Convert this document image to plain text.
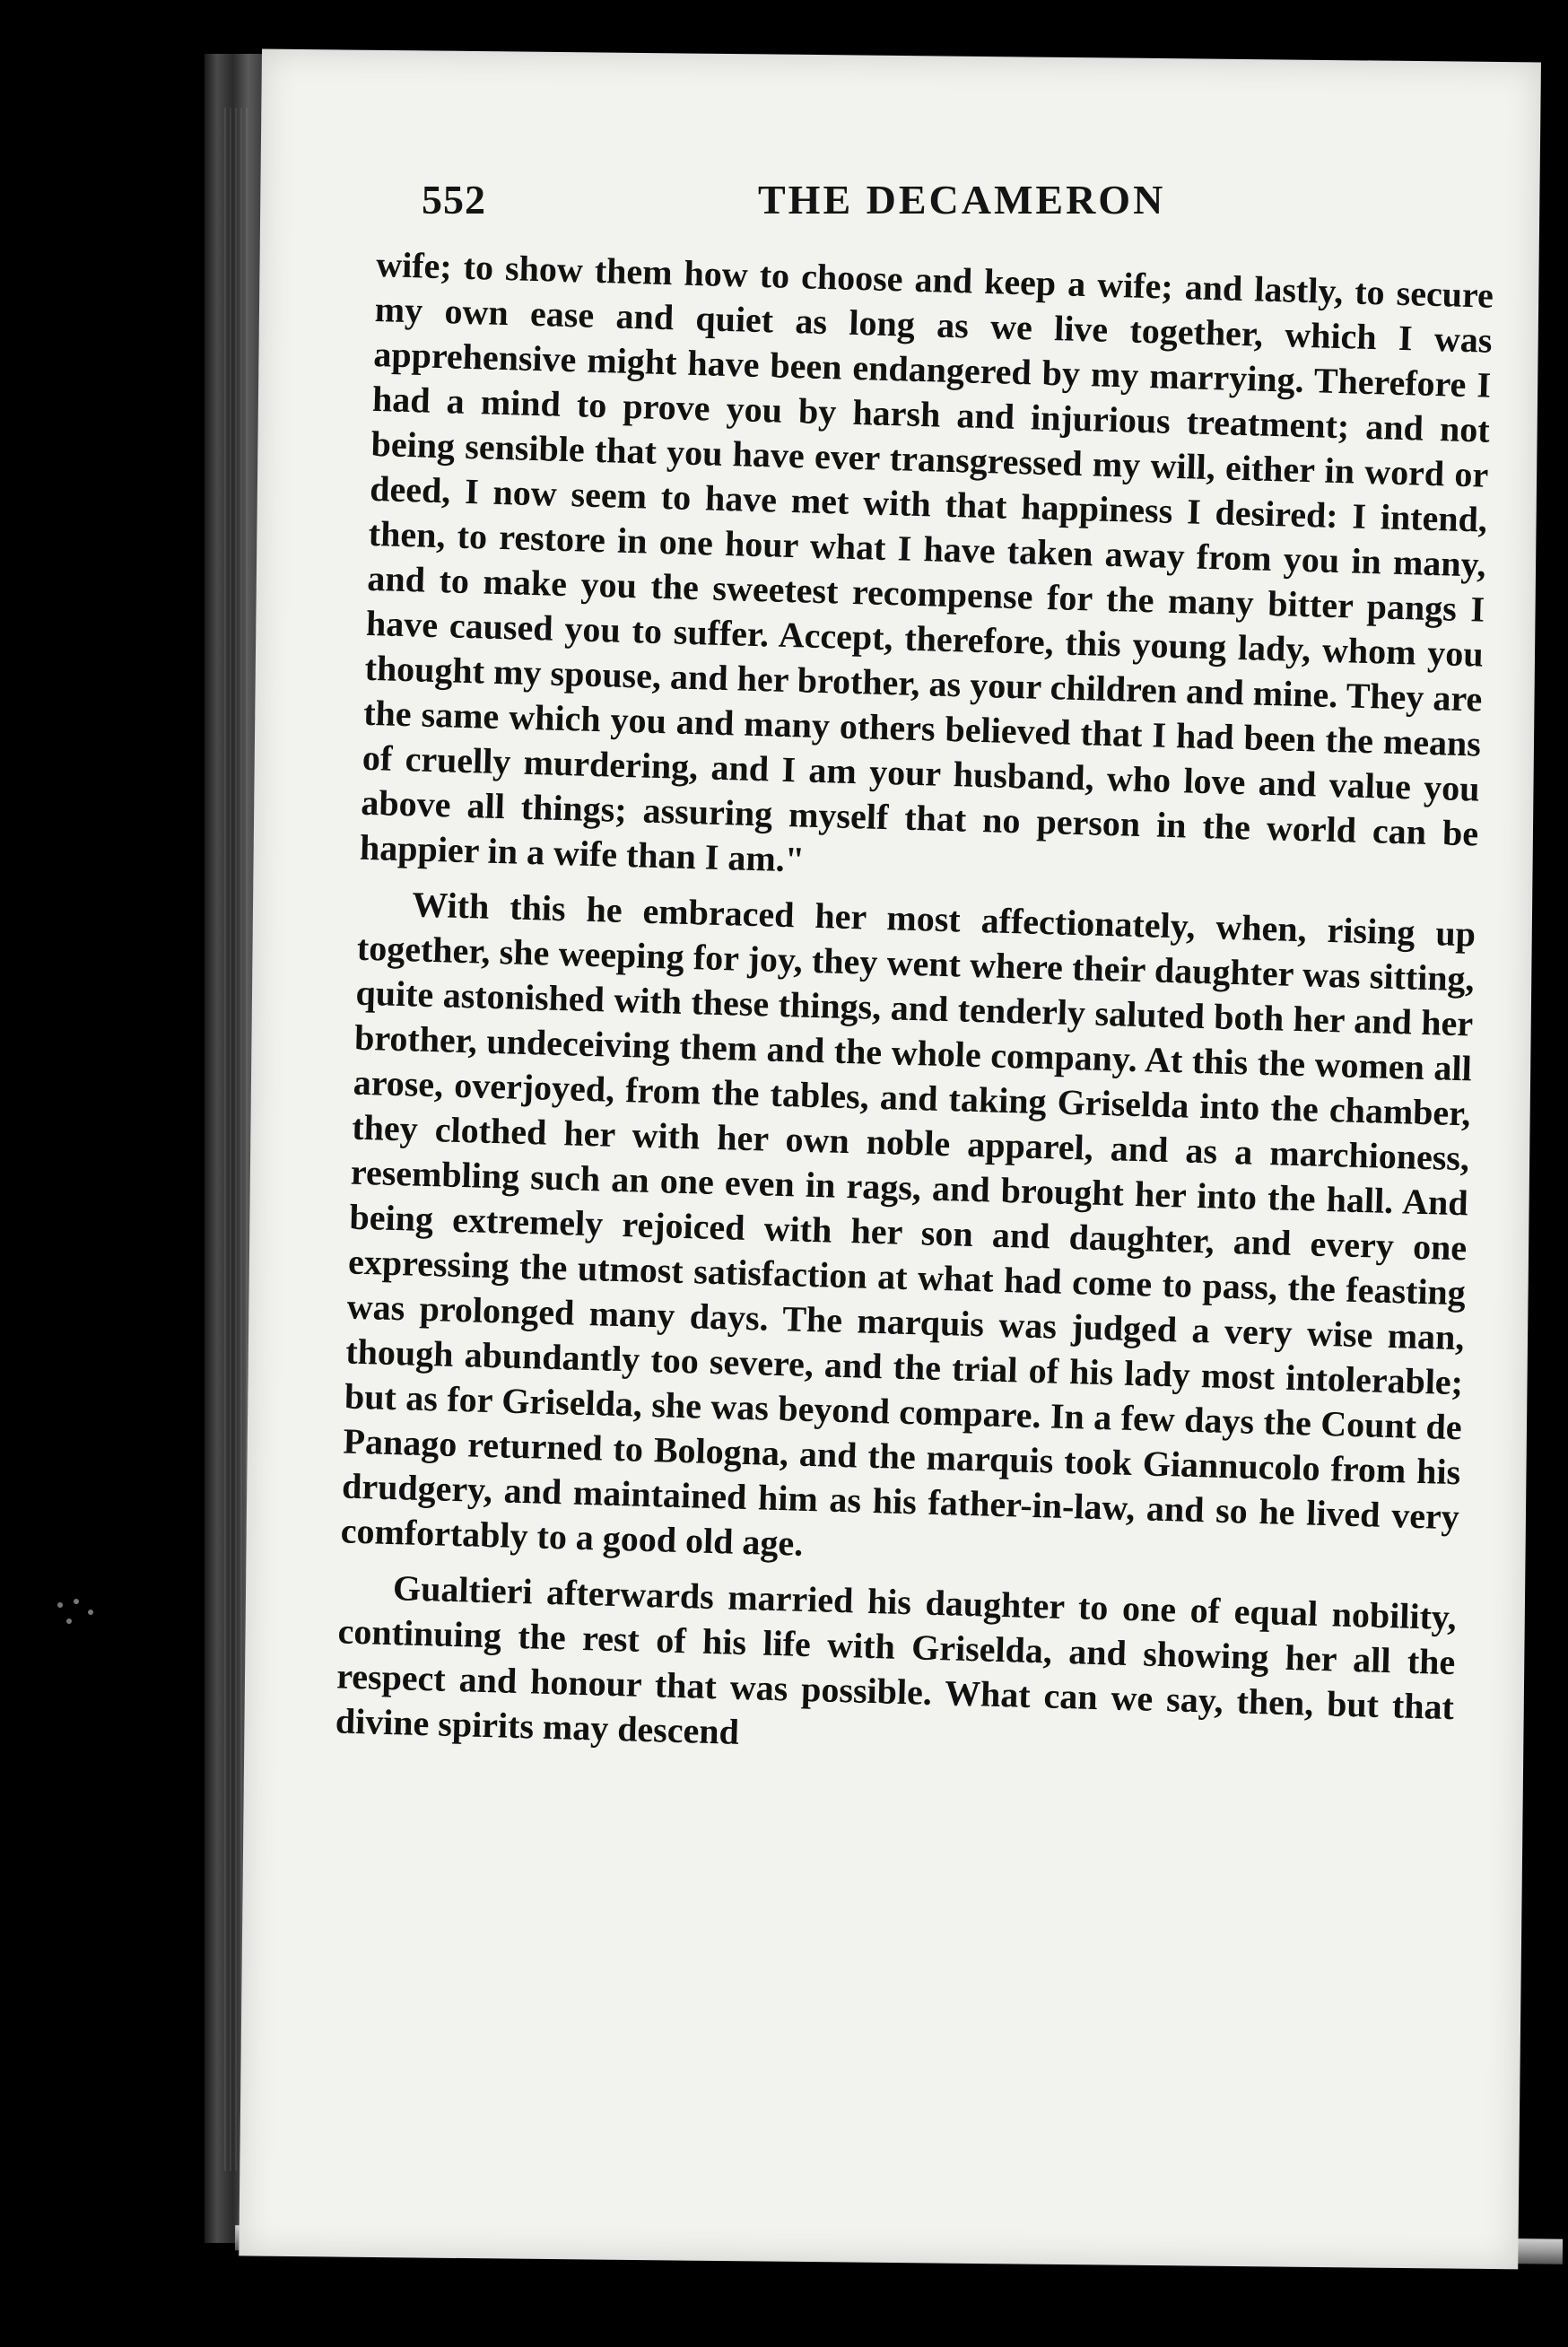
552	THE DECAMERON

wife; to show them how to choose and keep a wife; and lastly, to secure my own ease and quiet as long as we live together, which I was apprehensive might have been endangered by my marrying. Therefore I had a mind to prove you by harsh and injurious treatment; and not being sensible that you have ever transgressed my will, either in word or deed, I now seem to have met with that happiness I desired: I intend, then, to restore in one hour what I have taken away from you in many, and to make you the sweetest recompense for the many bitter pangs I have caused you to suffer. Accept, therefore, this young lady, whom you thought my spouse, and her brother, as your children and mine. They are the same which you and many others believed that I had been the means of cruelly murdering, and I am your husband, who love and value you above all things; assuring myself that no person in the world can be happier in a wife than I am."

With this he embraced her most affectionately, when, rising up together, she weeping for joy, they went where their daughter was sitting, quite astonished with these things, and tenderly saluted both her and her brother, undeceiving them and the whole company. At this the women all arose, overjoyed, from the tables, and taking Griselda into the chamber, they clothed her with her own noble apparel, and as a marchioness, resembling such an one even in rags, and brought her into the hall. And being extremely rejoiced with her son and daughter, and every one expressing the utmost satisfaction at what had come to pass, the feasting was prolonged many days. The marquis was judged a very wise man, though abundantly too severe, and the trial of his lady most intolerable; but as for Griselda, she was beyond compare. In a few days the Count de Panago returned to Bologna, and the marquis took Giannucolo from his drudgery, and maintained him as his father-in-law, and so he lived very comfortably to a good old age.

Gualtieri afterwards married his daughter to one of equal nobility, continuing the rest of his life with Griselda, and showing her all the respect and honour that was possible. What can we say, then, but that divine spirits may descend
